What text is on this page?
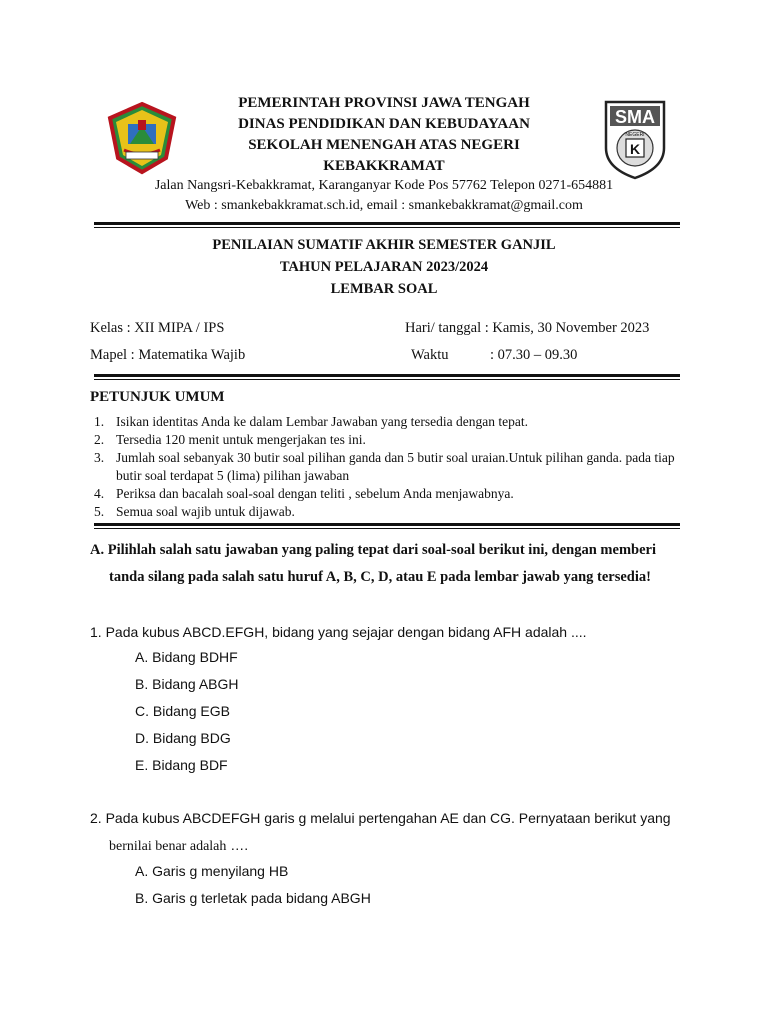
SMA
K
NEGERI
PEMERINTAH PROVINSI JAWA TENGAH
DINAS PENDIDIKAN DAN KEBUDAYAAN
SEKOLAH MENENGAH ATAS NEGERI
KEBAKKRAMAT
Jalan Nangsri-Kebakkramat, Karanganyar Kode Pos 57762 Telepon 0271-654881
Web : smankebakkramat.sch.id, email : smankebakkramat@gmail.com
PENILAIAN SUMATIF AKHIR SEMESTER GANJIL
TAHUN PELAJARAN 2023/2024
LEMBAR SOAL
Kelas : XII MIPA / IPS	Hari/ tanggal : Kamis, 30 November 2023
Mapel : Matematika Wajib	Waktu	: 07.30 – 09.30
PETUNJUK UMUM
1. Isikan identitas Anda ke dalam Lembar Jawaban yang tersedia dengan tepat.
2. Tersedia 120 menit untuk mengerjakan tes ini.
3. Jumlah soal sebanyak 30 butir soal pilihan ganda dan 5 butir soal uraian.Untuk pilihan ganda. pada tiap butir soal terdapat 5 (lima) pilihan jawaban
4. Periksa dan bacalah soal-soal dengan teliti , sebelum Anda menjawabnya.
5. Semua soal wajib untuk dijawab.
A. Pilihlah salah satu jawaban yang paling tepat dari soal-soal berikut ini, dengan memberi
tanda silang pada salah satu huruf A, B, C, D, atau E pada lembar jawab yang tersedia!
1. Pada kubus ABCD.EFGH, bidang yang sejajar dengan bidang AFH adalah ....
A. Bidang BDHF
B. Bidang ABGH
C. Bidang EGB
D. Bidang BDG
E. Bidang BDF
2. Pada kubus ABCDEFGH garis g melalui pertengahan AE dan CG. Pernyataan berikut yang
bernilai benar adalah ….
A. Garis g menyilang HB
B. Garis g terletak pada bidang ABGH
